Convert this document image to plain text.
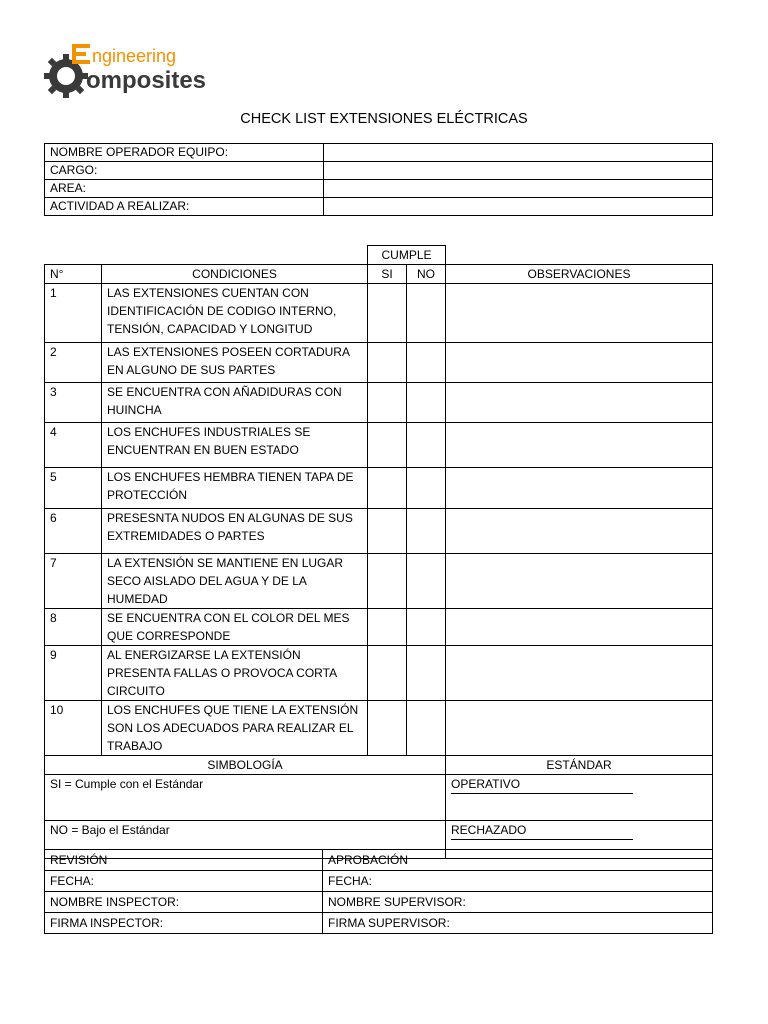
ngineering
omposites
CHECK LIST EXTENSIONES ELÉCTRICAS
NOMBRE OPERADOR EQUIPO:	
CARGO:	
AREA:	
ACTIVIDAD A REALIZAR:	
		CUMPLE		
N°	CONDICIONES	SI	NO	OBSERVACIONES
1	LAS EXTENSIONES CUENTAN CON IDENTIFICACIÓN DE CODIGO INTERNO, TENSIÓN, CAPACIDAD Y LONGITUD			
2	LAS EXTENSIONES POSEEN CORTADURA EN ALGUNO DE SUS PARTES			
3	SE ENCUENTRA CON AÑADIDURAS CON HUINCHA			
4	LOS ENCHUFES INDUSTRIALES SE ENCUENTRAN EN BUEN ESTADO			
5	LOS ENCHUFES HEMBRA TIENEN TAPA DE PROTECCIÓN			
6	PRESESNTA NUDOS EN ALGUNAS DE SUS EXTREMIDADES O PARTES			
7	LA EXTENSIÓN SE MANTIENE EN LUGAR SECO AISLADO DEL AGUA Y DE LA HUMEDAD			
8	SE ENCUENTRA CON EL COLOR DEL MES QUE CORRESPONDE			
9	AL ENERGIZARSE LA EXTENSIÓN PRESENTA FALLAS O PROVOCA CORTA CIRCUITO			
10	LOS ENCHUFES QUE TIENE LA EXTENSIÓN SON LOS ADECUADOS PARA REALIZAR EL TRABAJO			
SIMBOLOGÍA				ESTÁNDAR
SI = Cumple con el Estándar				OPERATIVO
NO = Bajo el Estándar				RECHAZADO
REVISIÓN	APROBACIÓN
FECHA:	FECHA:
NOMBRE INSPECTOR:	NOMBRE SUPERVISOR:
FIRMA INSPECTOR:	FIRMA SUPERVISOR:
